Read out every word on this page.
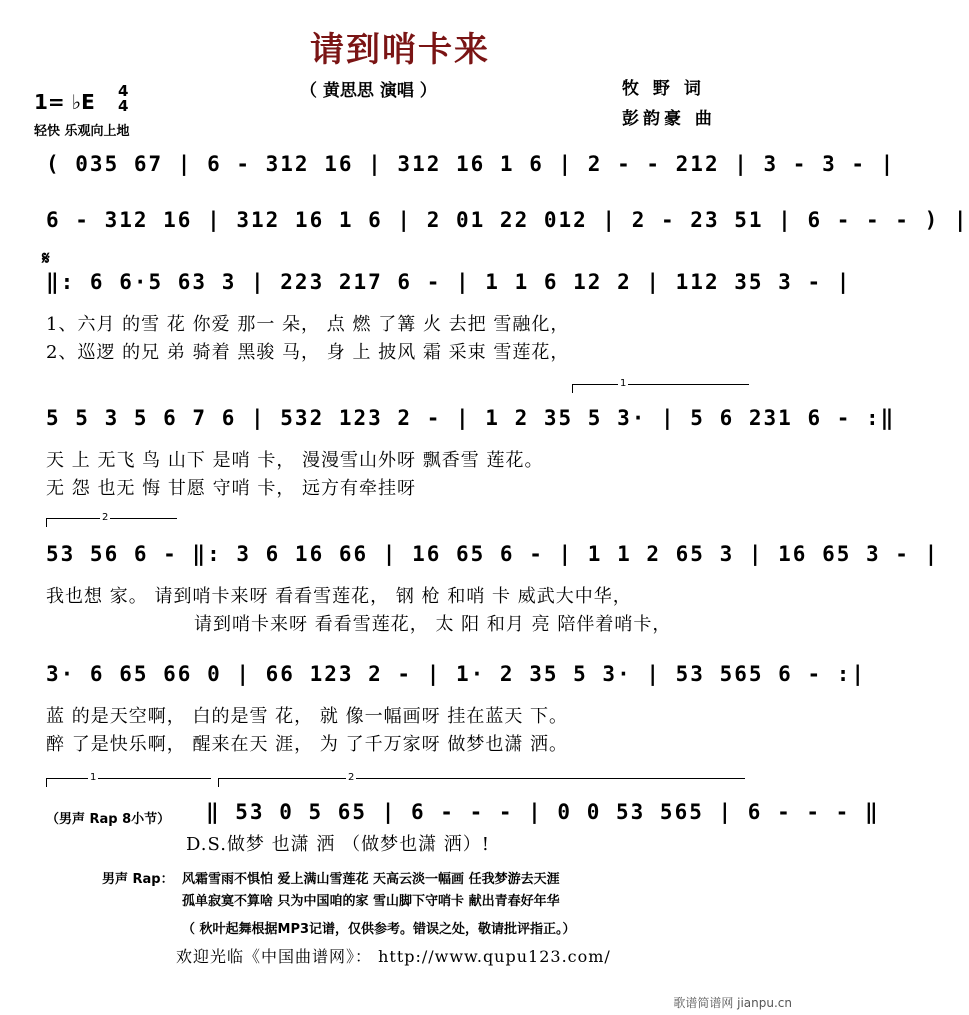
请到哨卡来
（ 黄思思 演唱 ）	牧 野 词
彭韵豪 曲
1= ♭E 4
4
轻快 乐观向上地
( 035 67 | 6 - 312 16 | 312 16 1 6 | 2 - - 212 | 3 - 3 - |
6 - 312 16 | 312 16 1 6 | 2 01 22 012 | 2 - 23 51 | 6 - - - ) |
𝄋
‖: 6 6·5 63 3 | 223 217 6 - | 1 1 6 12 2 | 112 35 3 - |
1、六月 的雪 花 你爱 那一 朵， 点 燃 了篝 火 去把 雪融化，
2、巡逻 的兄 弟 骑着 黑骏 马， 身 上 披风 霜 采束 雪莲花，
1
5 5 3 5 6 7 6 | 532 123 2 - | 1 2 35 5 3· | 5 6 231 6 - :‖
天 上 无飞 鸟 山下 是哨 卡， 漫漫雪山外呀 飘香雪 莲花。
无 怨 也无 悔 甘愿 守哨 卡， 远方有牵挂呀
2
53 56 6 - ‖: 3 6 16 66 | 16 65 6 - | 1 1 2 65 3 | 16 65 3 - |
我也想 家。 请到哨卡来呀 看看雪莲花， 钢 枪 和哨 卡 威武大中华，
请到哨卡来呀 看看雪莲花， 太 阳 和月 亮 陪伴着哨卡，
3· 6 65 66 0 | 66 123 2 - | 1· 2 35 5 3· | 53 565 6 - :|
蓝 的是天空啊， 白的是雪 花， 就 像一幅画呀 挂在蓝天 下。
醉 了是快乐啊， 醒来在天 涯， 为 了千万家呀 做梦也潇 洒。
1	2
（男声 Rap 8小节） ‖ 53 0 5 65 | 6 - - - | 0 0 53 565 | 6 - - - ‖
D.S.做梦 也潇 洒 （做梦也潇 洒）!
男声 Rap： 风霜雪雨不惧怕 爱上满山雪莲花 天高云淡一幅画 任我梦游去天涯
孤单寂寞不算啥 只为中国咱的家 雪山脚下守哨卡 献出青春好年华
（ 秋叶起舞根据MP3记谱，仅供参考。错误之处，敬请批评指正。）
欢迎光临《中国曲谱网》： http://www.qupu123.com/
歌谱简谱网 jianpu.cn
